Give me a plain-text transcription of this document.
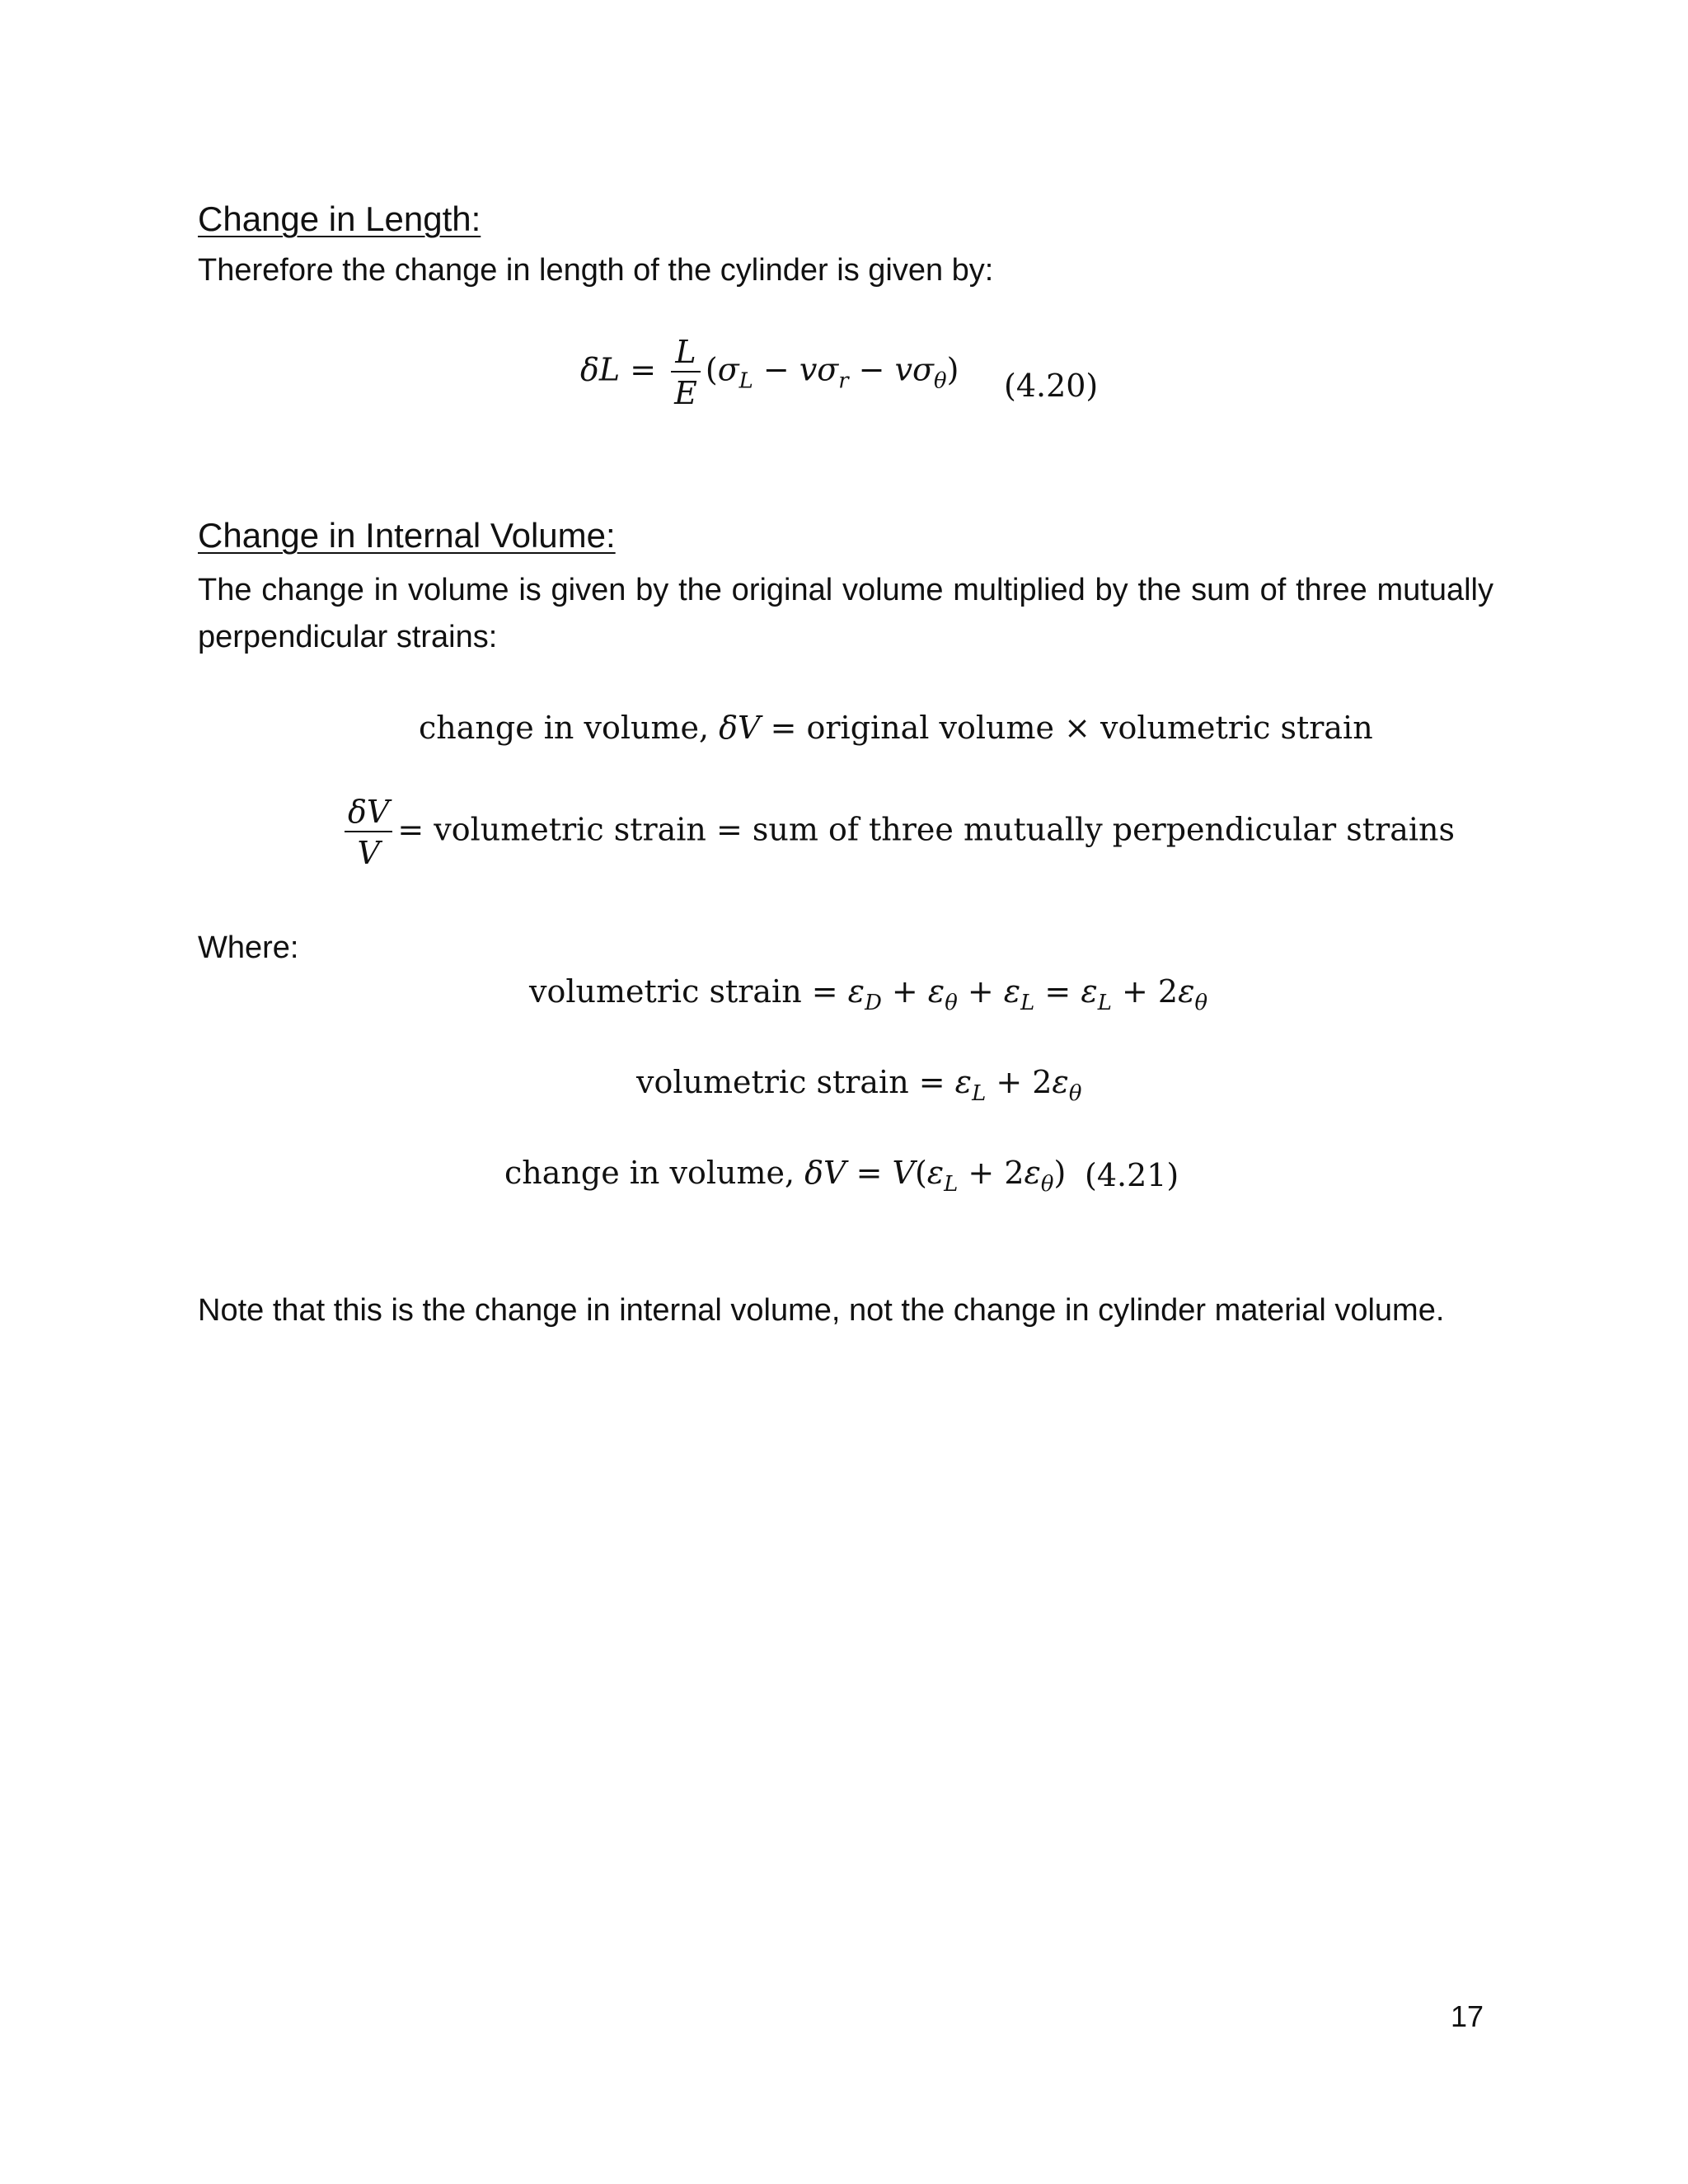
Change in Length:
Therefore the change in length of the cylinder is given by:
$\delta L = \frac{L}{E} (\sigma_L - v\sigma_r - v\sigma_\theta)$ (4.20)
Change in Internal Volume:
The change in volume is given by the original volume multiplied by the sum of three mutually perpendicular strains:
change in volume, δV = original volume × volumetric strain
$\frac{\delta V}{V}$ = volumetric strain = sum of three mutually perpendicular strains
Where:
volumetric strain = $\varepsilon_D + \varepsilon_\theta + \varepsilon_L = \varepsilon_L + 2\varepsilon_\theta$
volumetric strain = $\varepsilon_L + 2\varepsilon_\theta$
change in volume, $\delta V = V(\varepsilon_L + 2\varepsilon_\theta)$ (4.21)
Note that this is the change in internal volume, not the change in cylinder material volume.
17
